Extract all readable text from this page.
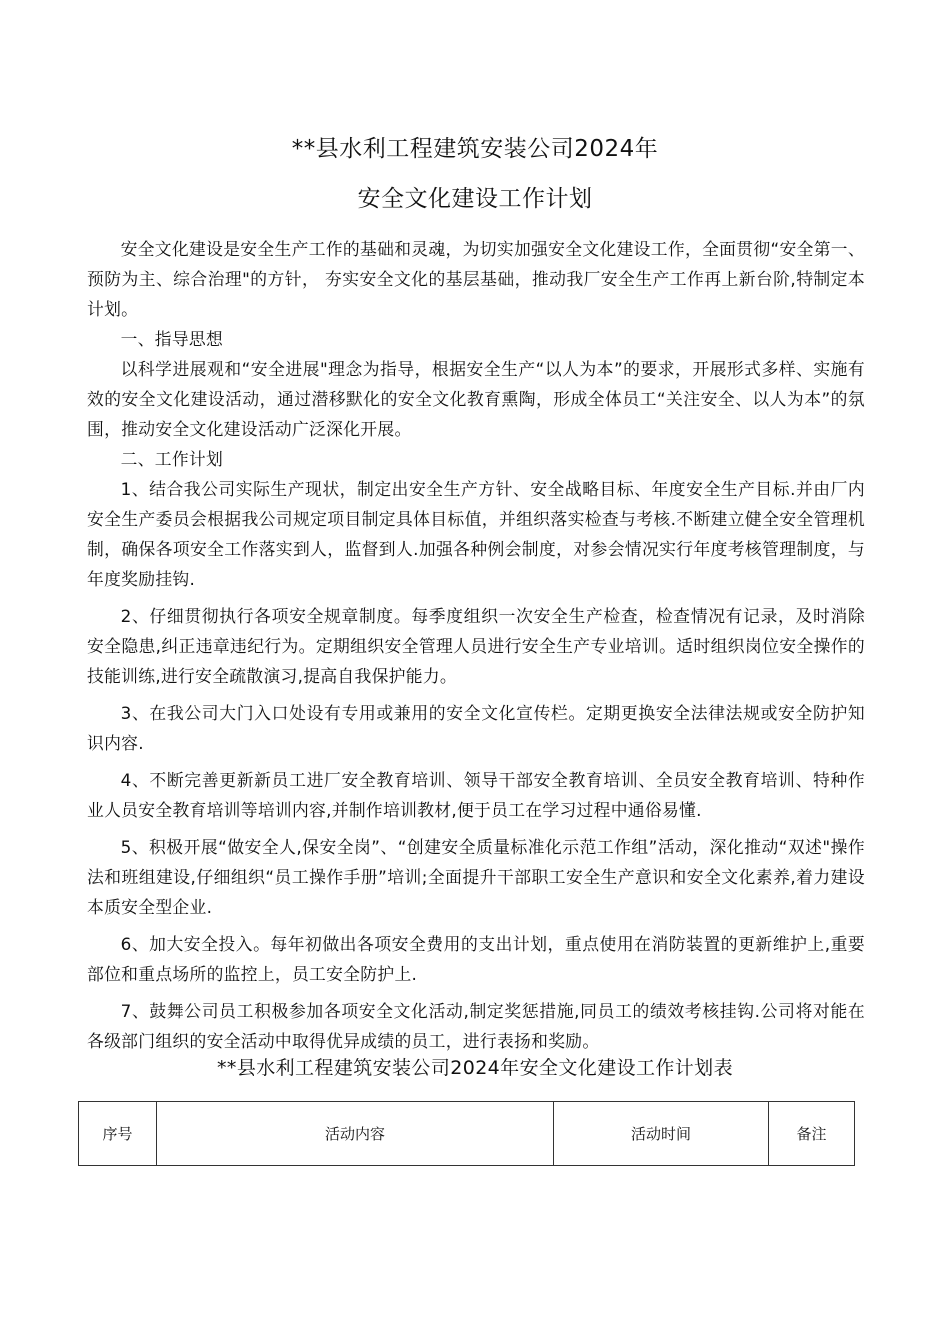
**县水利工程建筑安装公司2024年
安全文化建设工作计划

安全文化建设是安全生产工作的基础和灵魂，为切实加强安全文化建设工作，全面贯彻“安全第一、预防为主、综合治理"的方针， 夯实安全文化的基层基础，推动我厂安全生产工作再上新台阶,特制定本计划。

一、指导思想

以科学进展观和“安全进展"理念为指导，根据安全生产“以人为本”的要求，开展形式多样、实施有效的安全文化建设活动，通过潜移默化的安全文化教育熏陶，形成全体员工“关注安全、以人为本”的氛围，推动安全文化建设活动广泛深化开展。

二、工作计划

1、结合我公司实际生产现状，制定出安全生产方针、安全战略目标、年度安全生产目标.并由厂内安全生产委员会根据我公司规定项目制定具体目标值，并组织落实检查与考核.不断建立健全安全管理机制，确保各项安全工作落实到人，监督到人.加强各种例会制度，对参会情况实行年度考核管理制度，与年度奖励挂钩.

2、仔细贯彻执行各项安全规章制度。每季度组织一次安全生产检查，检查情况有记录，及时消除安全隐患,纠正违章违纪行为。定期组织安全管理人员进行安全生产专业培训。适时组织岗位安全操作的技能训练,进行安全疏散演习,提高自我保护能力。

3、在我公司大门入口处设有专用或兼用的安全文化宣传栏。定期更换安全法律法规或安全防护知识内容.

4、不断完善更新新员工进厂安全教育培训、领导干部安全教育培训、全员安全教育培训、特种作业人员安全教育培训等培训内容,并制作培训教材,便于员工在学习过程中通俗易懂.

5、积极开展“做安全人,保安全岗”、“创建安全质量标准化示范工作组”活动，深化推动“双述"操作法和班组建设,仔细组织“员工操作手册”培训;全面提升干部职工安全生产意识和安全文化素养,着力建设本质安全型企业.

6、加大安全投入。每年初做出各项安全费用的支出计划，重点使用在消防装置的更新维护上,重要部位和重点场所的监控上，员工安全防护上.

7、鼓舞公司员工积极参加各项安全文化活动,制定奖惩措施,同员工的绩效考核挂钩.公司将对能在各级部门组织的安全活动中取得优异成绩的员工，进行表扬和奖励。

**县水利工程建筑安装公司2024年安全文化建设工作计划表
序号	活动内容	活动时间	备注
